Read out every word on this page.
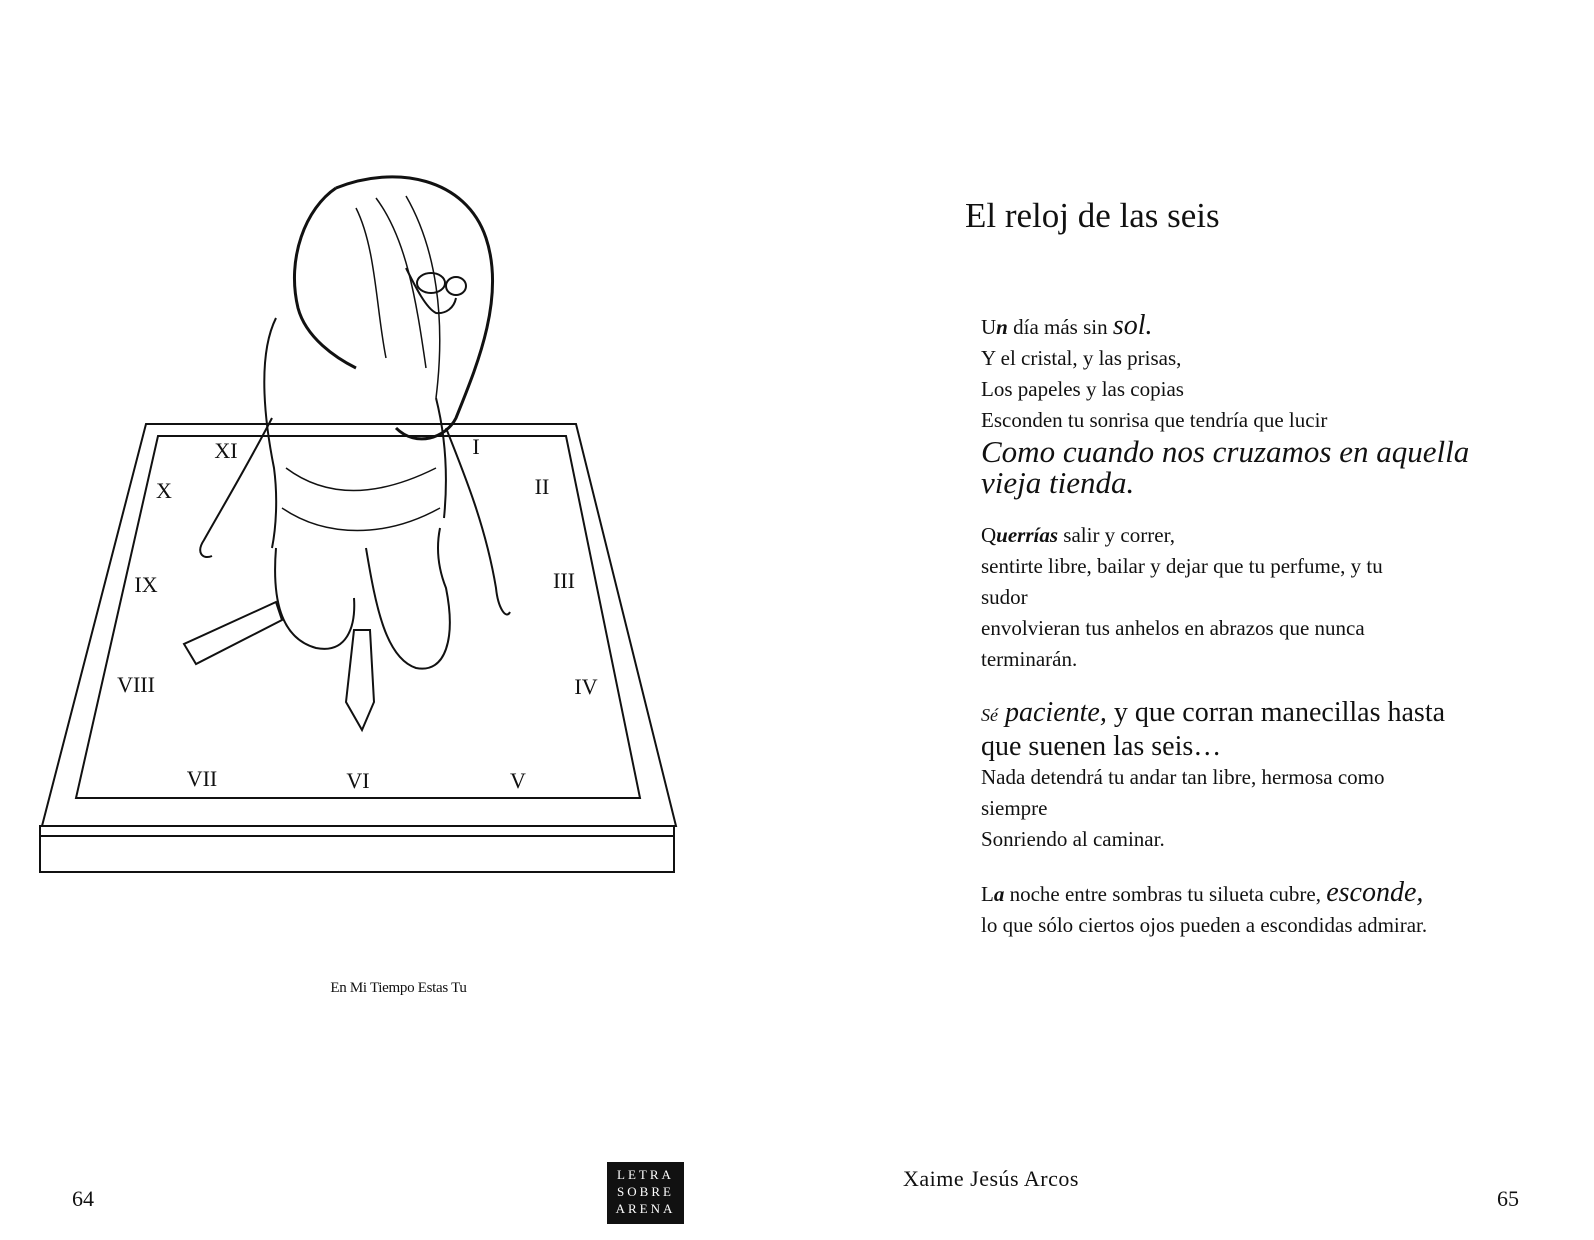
I
II
III
IV
V
VI
VII
VIII
IX
X
XI
En Mi Tiempo Estas Tu
64
LETRA
SOBRE
ARENA
El reloj de las seis
Un día más sin sol.
Y el cristal, y las prisas,
Los papeles y las copias
Esconden tu sonrisa que tendría que lucir
Como cuando nos cruzamos en aquella
vieja tienda.
Querrías salir y correr,
sentirte libre, bailar y dejar que tu perfume, y tu
sudor
envolvieran tus anhelos en abrazos que nunca
terminarán.
Sé paciente, y que corran manecillas hasta
que suenen las seis…
Nada detendrá tu andar tan libre, hermosa como
siempre
Sonriendo al caminar.
La noche entre sombras tu silueta cubre, esconde,
lo que sólo ciertos ojos pueden a escondidas admirar.
Xaime Jesús Arcos
65
